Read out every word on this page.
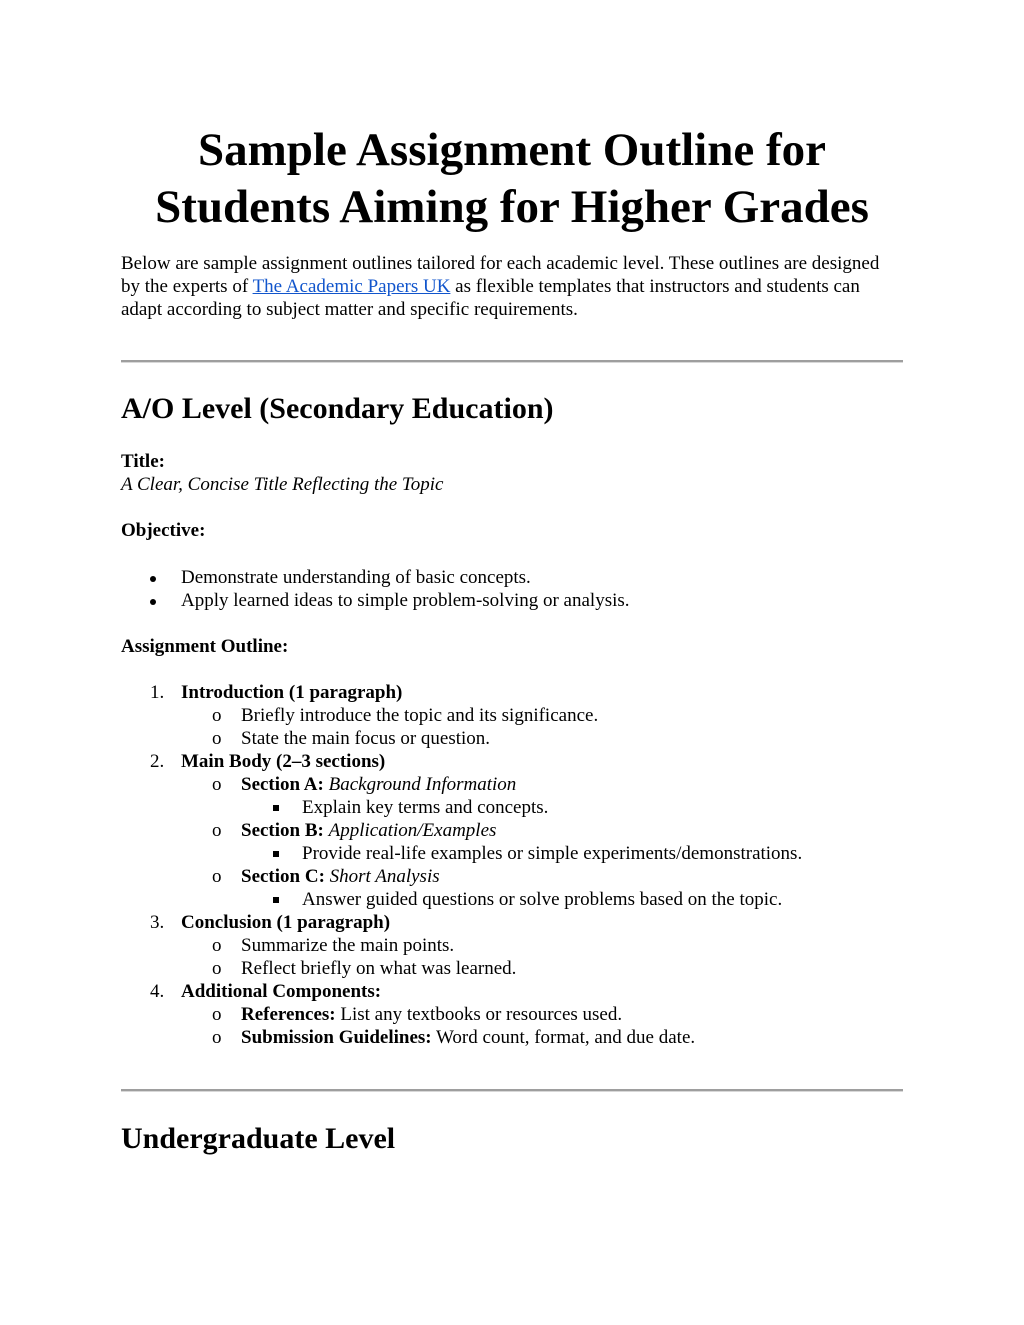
Sample Assignment Outline for Students Aiming for Higher Grades

Below are sample assignment outlines tailored for each academic level. These outlines are designed by the experts of The Academic Papers UK as flexible templates that instructors and students can adapt according to subject matter and specific requirements.

A/O Level (Secondary Education)
Title:
A Clear, Concise Title Reflecting the Topic
Objective:
Demonstrate understanding of basic concepts.
Apply learned ideas to simple problem-solving or analysis.
Assignment Outline:
1. Introduction (1 paragraph)
o Briefly introduce the topic and its significance.
o State the main focus or question.
2. Main Body (2–3 sections)
o Section A: Background Information
Explain key terms and concepts.
o Section B: Application/Examples
Provide real-life examples or simple experiments/demonstrations.
o Section C: Short Analysis
Answer guided questions or solve problems based on the topic.
3. Conclusion (1 paragraph)
o Summarize the main points.
o Reflect briefly on what was learned.
4. Additional Components:
o References: List any textbooks or resources used.
o Submission Guidelines: Word count, format, and due date.
Undergraduate Level
